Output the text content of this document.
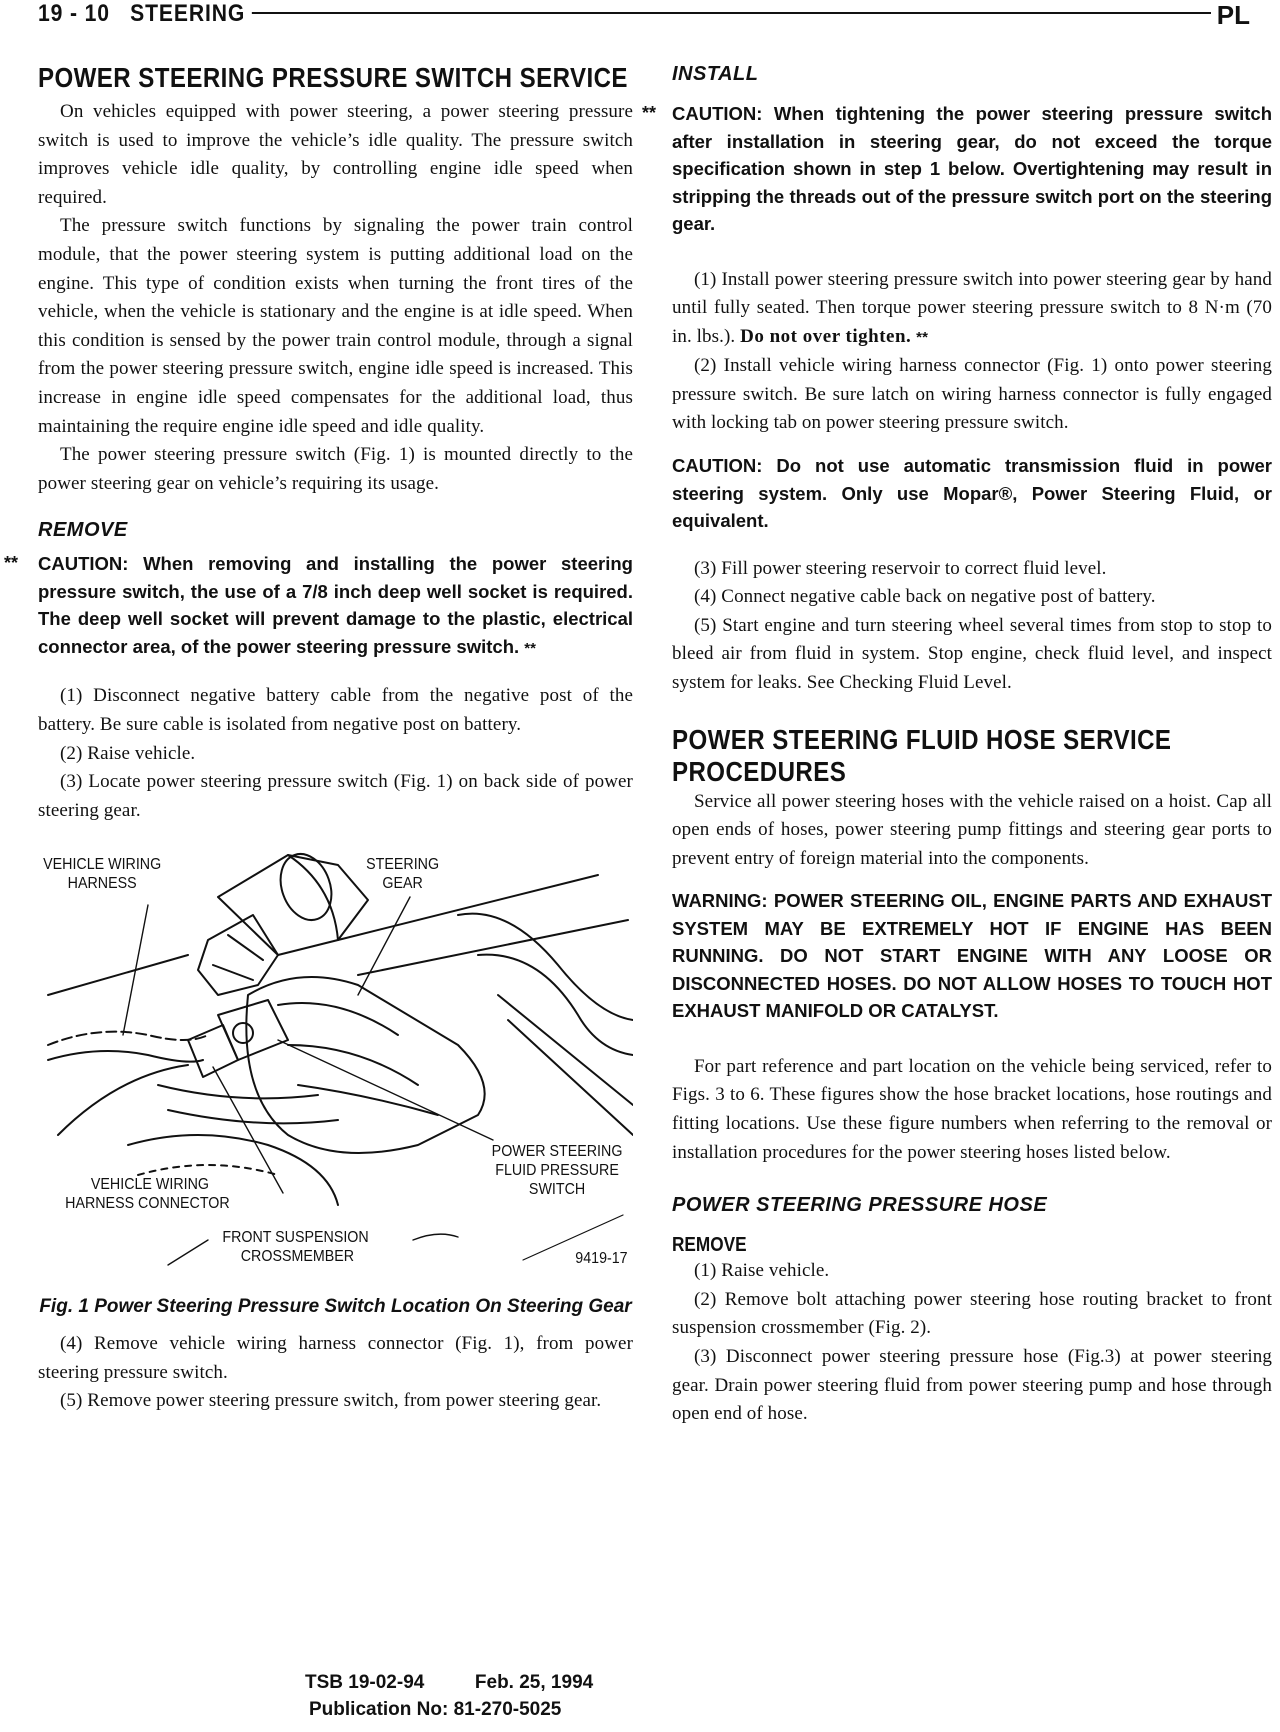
19 - 10 STEERING	PL
POWER STEERING PRESSURE SWITCH SERVICE

On vehicles equipped with power steering, a power steering pressure switch is used to improve the vehicle’s idle quality. The pressure switch improves vehicle idle quality, by controlling engine idle speed when required.

The pressure switch functions by signaling the power train control module, that the power steering system is putting additional load on the engine. This type of condition exists when turning the front tires of the vehicle, when the vehicle is stationary and the engine is at idle speed. When this condition is sensed by the power train control module, through a signal from the power steering pressure switch, engine idle speed is increased. This increase in engine idle speed compensates for the additional load, thus maintaining the require engine idle speed and idle quality.

The power steering pressure switch (Fig. 1) is mounted directly to the power steering gear on vehicle’s requiring its usage.

REMOVE

** CAUTION: When removing and installing the power steering pressure switch, the use of a 7/8 inch deep well socket is required. The deep well socket will prevent damage to the plastic, electrical connector area, of the power steering pressure switch. **

(1) Disconnect negative battery cable from the negative post of the battery. Be sure cable is isolated from negative post on battery.

(2) Raise vehicle.

(3) Locate power steering pressure switch (Fig. 1) on back side of power steering gear.

VEHICLE WIRING
HARNESS
STEERING
GEAR
POWER STEERING
FLUID PRESSURE
SWITCH
VEHICLE WIRING
HARNESS CONNECTOR
FRONT SUSPENSION
CROSSMEMBER	9419-17

Fig. 1 Power Steering Pressure Switch Location On Steering Gear

(4) Remove vehicle wiring harness connector (Fig. 1), from power steering pressure switch.

(5) Remove power steering pressure switch, from power steering gear.

INSTALL

** CAUTION: When tightening the power steering pressure switch after installation in steering gear, do not exceed the torque specification shown in step 1 below. Overtightening may result in stripping the threads out of the pressure switch port on the steering gear.

(1) Install power steering pressure switch into power steering gear by hand until fully seated. Then torque power steering pressure switch to 8 N·m (70 in. lbs.). Do not over tighten. **

(2) Install vehicle wiring harness connector (Fig. 1) onto power steering pressure switch. Be sure latch on wiring harness connector is fully engaged with locking tab on power steering pressure switch.

CAUTION: Do not use automatic transmission fluid in power steering system. Only use Mopar®, Power Steering Fluid, or equivalent.

(3) Fill power steering reservoir to correct fluid level.

(4) Connect negative cable back on negative post of battery.

(5) Start engine and turn steering wheel several times from stop to stop to bleed air from fluid in system. Stop engine, check fluid level, and inspect system for leaks. See Checking Fluid Level.

POWER STEERING FLUID HOSE SERVICE
PROCEDURES

Service all power steering hoses with the vehicle raised on a hoist. Cap all open ends of hoses, power steering pump fittings and steering gear ports to prevent entry of foreign material into the components.

WARNING: POWER STEERING OIL, ENGINE PARTS AND EXHAUST SYSTEM MAY BE EXTREMELY HOT IF ENGINE HAS BEEN RUNNING. DO NOT START ENGINE WITH ANY LOOSE OR DISCONNECTED HOSES. DO NOT ALLOW HOSES TO TOUCH HOT EXHAUST MANIFOLD OR CATALYST.

For part reference and part location on the vehicle being serviced, refer to Figs. 3 to 6. These figures show the hose bracket locations, hose routings and fitting locations. Use these figure numbers when referring to the removal or installation procedures for the power steering hoses listed below.

POWER STEERING PRESSURE HOSE
REMOVE

(1) Raise vehicle.

(2) Remove bolt attaching power steering hose routing bracket to front suspension crossmember (Fig. 2).

(3) Disconnect power steering pressure hose (Fig.3) at power steering gear. Drain power steering fluid from power steering pump and hose through open end of hose.

TSB 19-02-94	Feb. 25, 1994
Publication No: 81-270-5025
